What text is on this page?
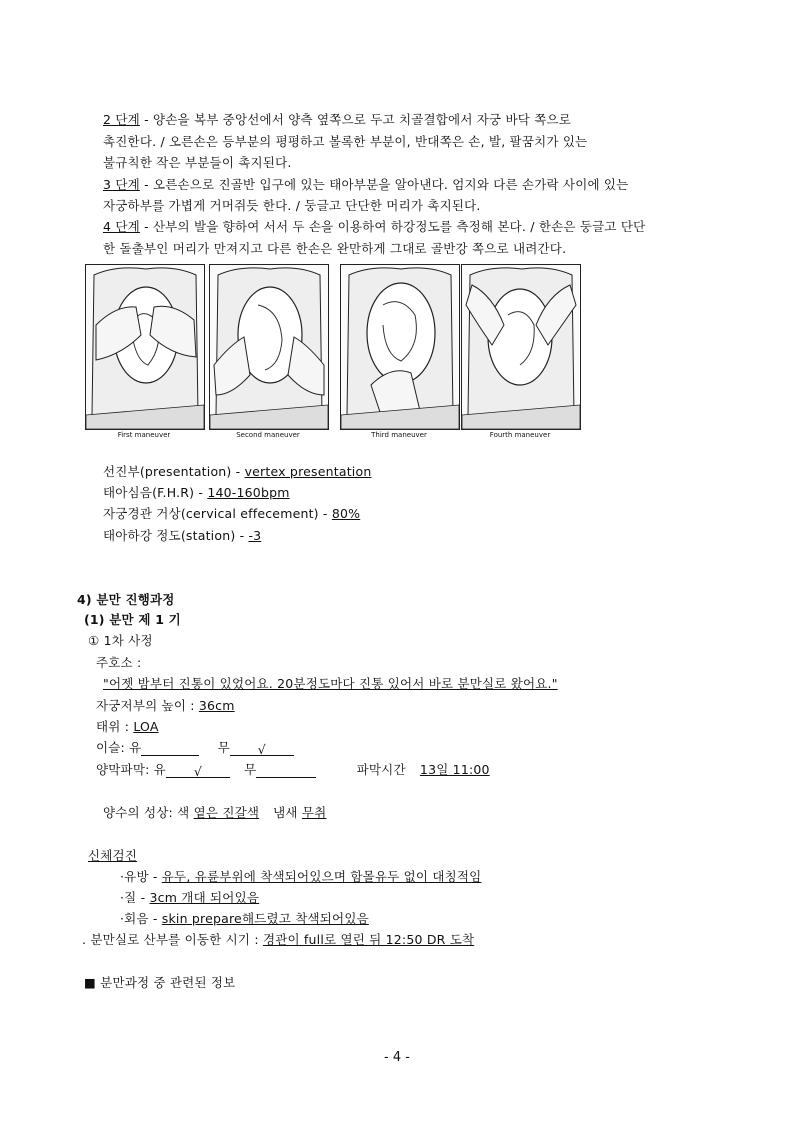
2 단계 - 양손을 복부 중앙선에서 양측 옆쪽으로 두고 치골결합에서 자궁 바닥 쪽으로
촉진한다. / 오른손은 등부분의 평평하고 볼록한 부분이, 반대쪽은 손, 발, 팔꿈치가 있는
불규칙한 작은 부분들이 촉지된다.
3 단계 - 오른손으로 진골반 입구에 있는 태아부분을 알아낸다. 엄지와 다른 손가락 사이에 있는
자궁하부를 가볍게 거머쥐듯 한다. / 둥글고 단단한 머리가 촉지된다.
4 단계 - 산부의 발을 향하여 서서 두 손을 이용하여 하강정도를 측정해 본다. / 한손은 둥글고 단단
한 돌출부인 머리가 만져지고 다른 한손은 완만하게 그대로 골반강 쪽으로 내려간다.
First maneuver	Second maneuver	Third maneuver	Fourth maneuver
선진부(presentation) - vertex presentation
태아심음(F.H.R) - 140-160bpm
자궁경관 거상(cervical effecement) - 80%
태아하강 정도(station) - -3
4) 분만 진행과정
(1) 분만 제 1 기
① 1차 사정
주호소 :
"어젯 밤부터 진통이 있었어요. 20분정도마다 진통 있어서 바로 분만실로 왔어요."
자궁저부의 높이 : 36cm
태위 : LOA
이슬: 유	무 √
양막파막: 유 √	무	파막시간 13일 11:00
양수의 성상: 색 옅은 진갈색 냄새 무취
신체검진
·유방 - 유두, 유륜부위에 착색되어있으며 함몰유두 없이 대칭적임
·질 - 3cm 개대 되어있음
·회음 - skin prepare해드렸고 착색되어있음
. 분만실로 산부를 이동한 시기 : 경관이 full로 열린 뒤 12:50 DR 도착
■ 분만과정 중 관련된 정보
- 4 -
